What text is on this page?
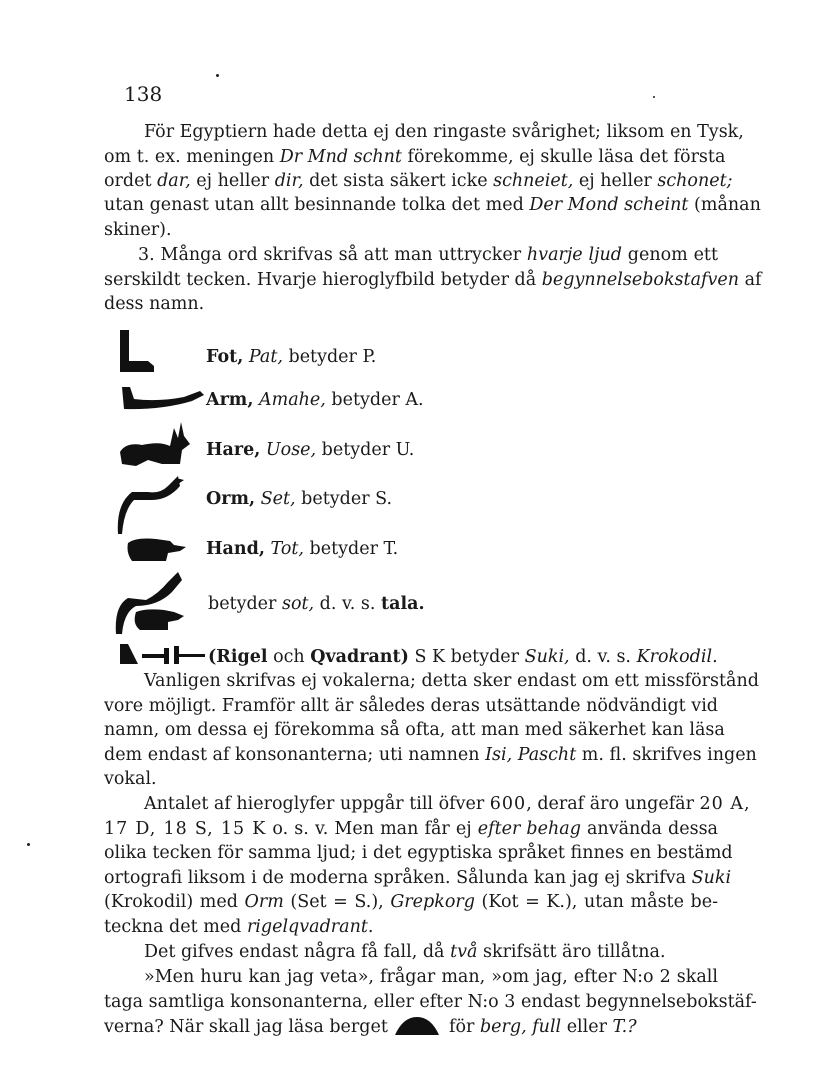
138
För Egyptiern hade detta ej den ringaste svårighet; liksom en Tysk,
om t. ex. meningen Dr Mnd schnt förekomme, ej skulle läsa det första
ordet dar, ej heller dir, det sista säkert icke schneiet, ej heller schonet;
utan genast utan allt besinnande tolka det med Der Mond scheint (månan
skiner).
3. Många ord skrifvas så att man uttrycker hvarje ljud genom ett
serskildt tecken. Hvarje hieroglyfbild betyder då begynnelsebokstafven af
dess namn.
Fot, Pat, betyder P.
Arm, Amahe, betyder A.
Hare, Uose, betyder U.
Orm, Set, betyder S.
Hand, Tot, betyder T.
betyder sot, d. v. s. tala.
(Rigel och Qvadrant) S K betyder Suki, d. v. s. Krokodil.
Vanligen skrifvas ej vokalerna; detta sker endast om ett missförstånd
vore möjligt. Framför allt är således deras utsättande nödvändigt vid
namn, om dessa ej förekomma så ofta, att man med säkerhet kan läsa
dem endast af konsonanterna; uti namnen Isi, Pascht m. fl. skrifves ingen
vokal.
Antalet af hieroglyfer uppgår till öfver 600, deraf äro ungefär 20 A,
17 D, 18 S, 15 K o. s. v. Men man får ej efter behag använda dessa
olika tecken för samma ljud; i det egyptiska språket finnes en bestämd
ortografi liksom i de moderna språken. Sålunda kan jag ej skrifva Suki
(Krokodil) med Orm (Set = S.), Grepkorg (Kot = K.), utan måste be-
teckna det med rigelqvadrant.
Det gifves endast några få fall, då två skrifsätt äro tillåtna.
»Men huru kan jag veta», frågar man, »om jag, efter N:o 2 skall
taga samtliga konsonanterna, eller efter N:o 3 endast begynnelsebokstäf-
verna? När skall jag läsa berget	för berg, full eller T.?
